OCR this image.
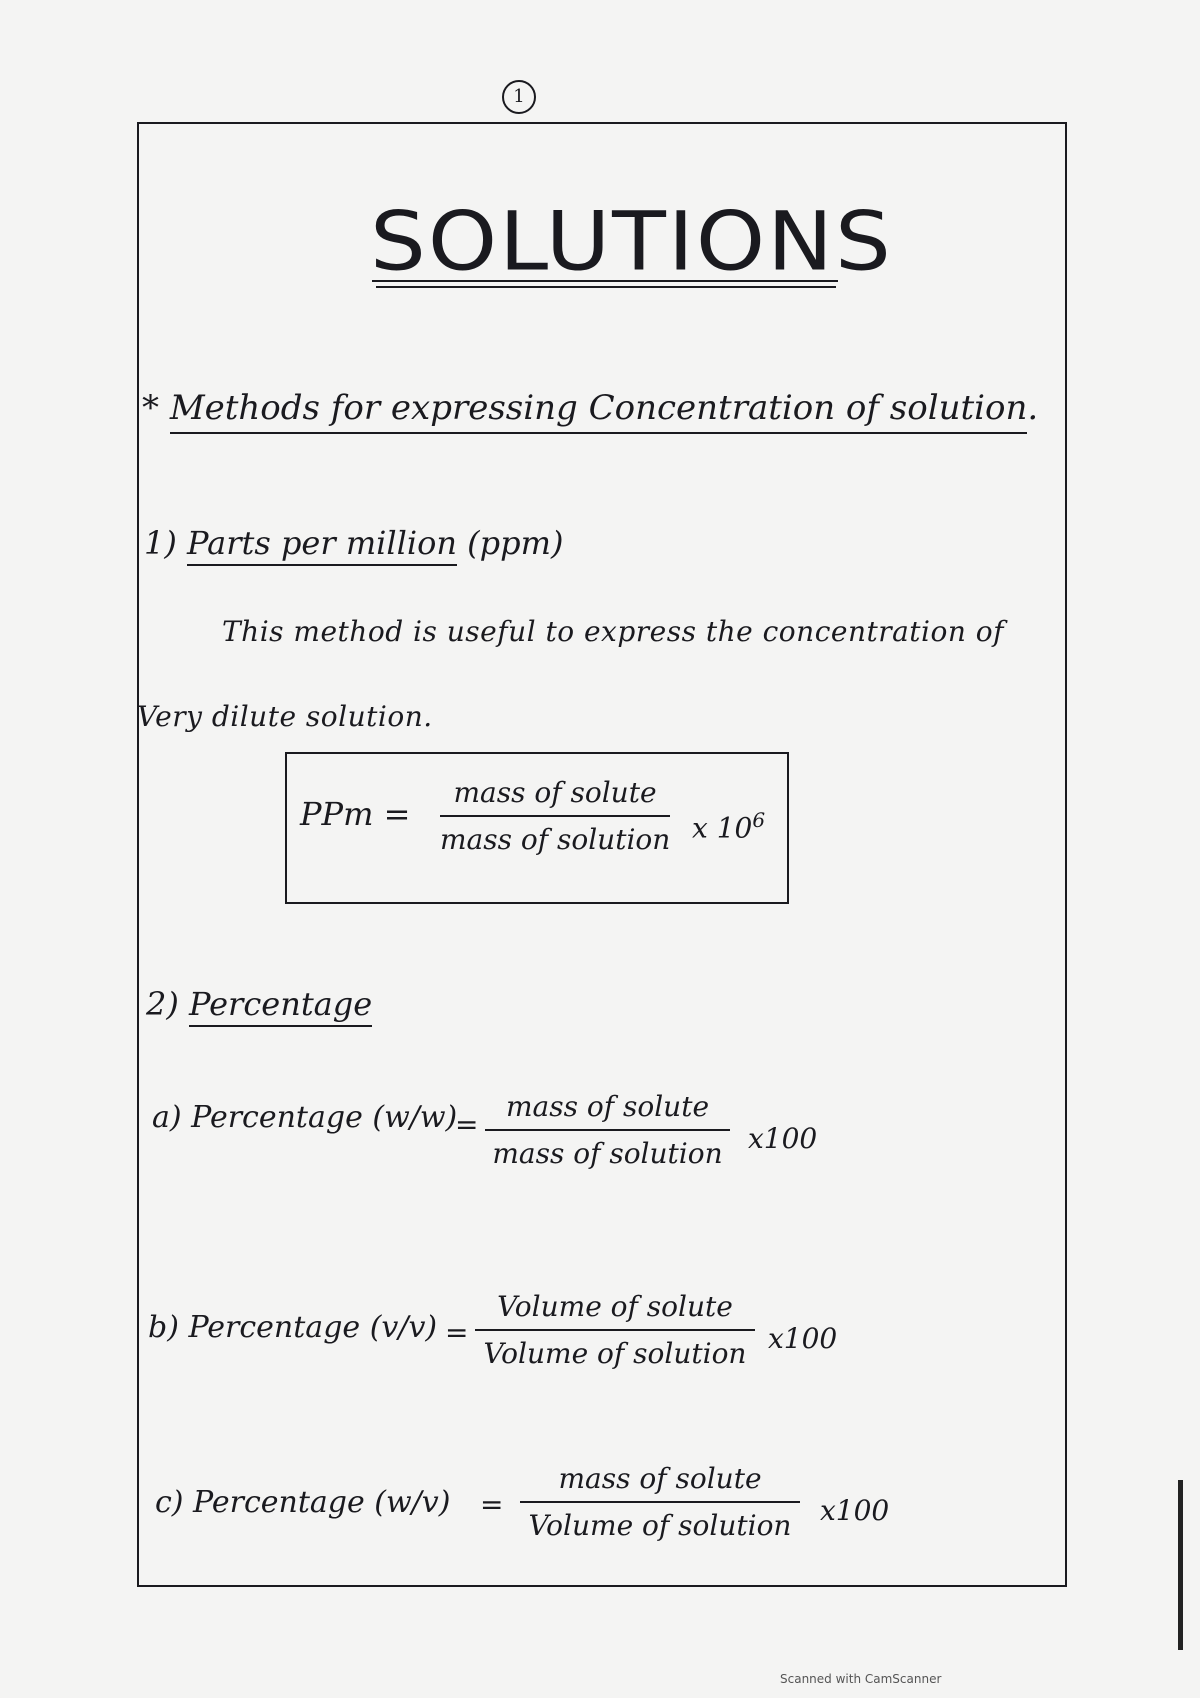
1
SOLUTIONS
* Methods for expressing Concentration of solution.
1) Parts per million (ppm)
This method is useful to express the concentration of
Very dilute solution.
PPm =
mass of solute
mass of solution x $10^6$
2) Percentage
a) Percentage (w/w)
=
mass of solute
mass of solution x100
b) Percentage (v/v) =
Volume of solute
Volume of solution x100
c) Percentage (w/v) =
mass of solute
Volume of solution	x100
Scanned with CamScanner
